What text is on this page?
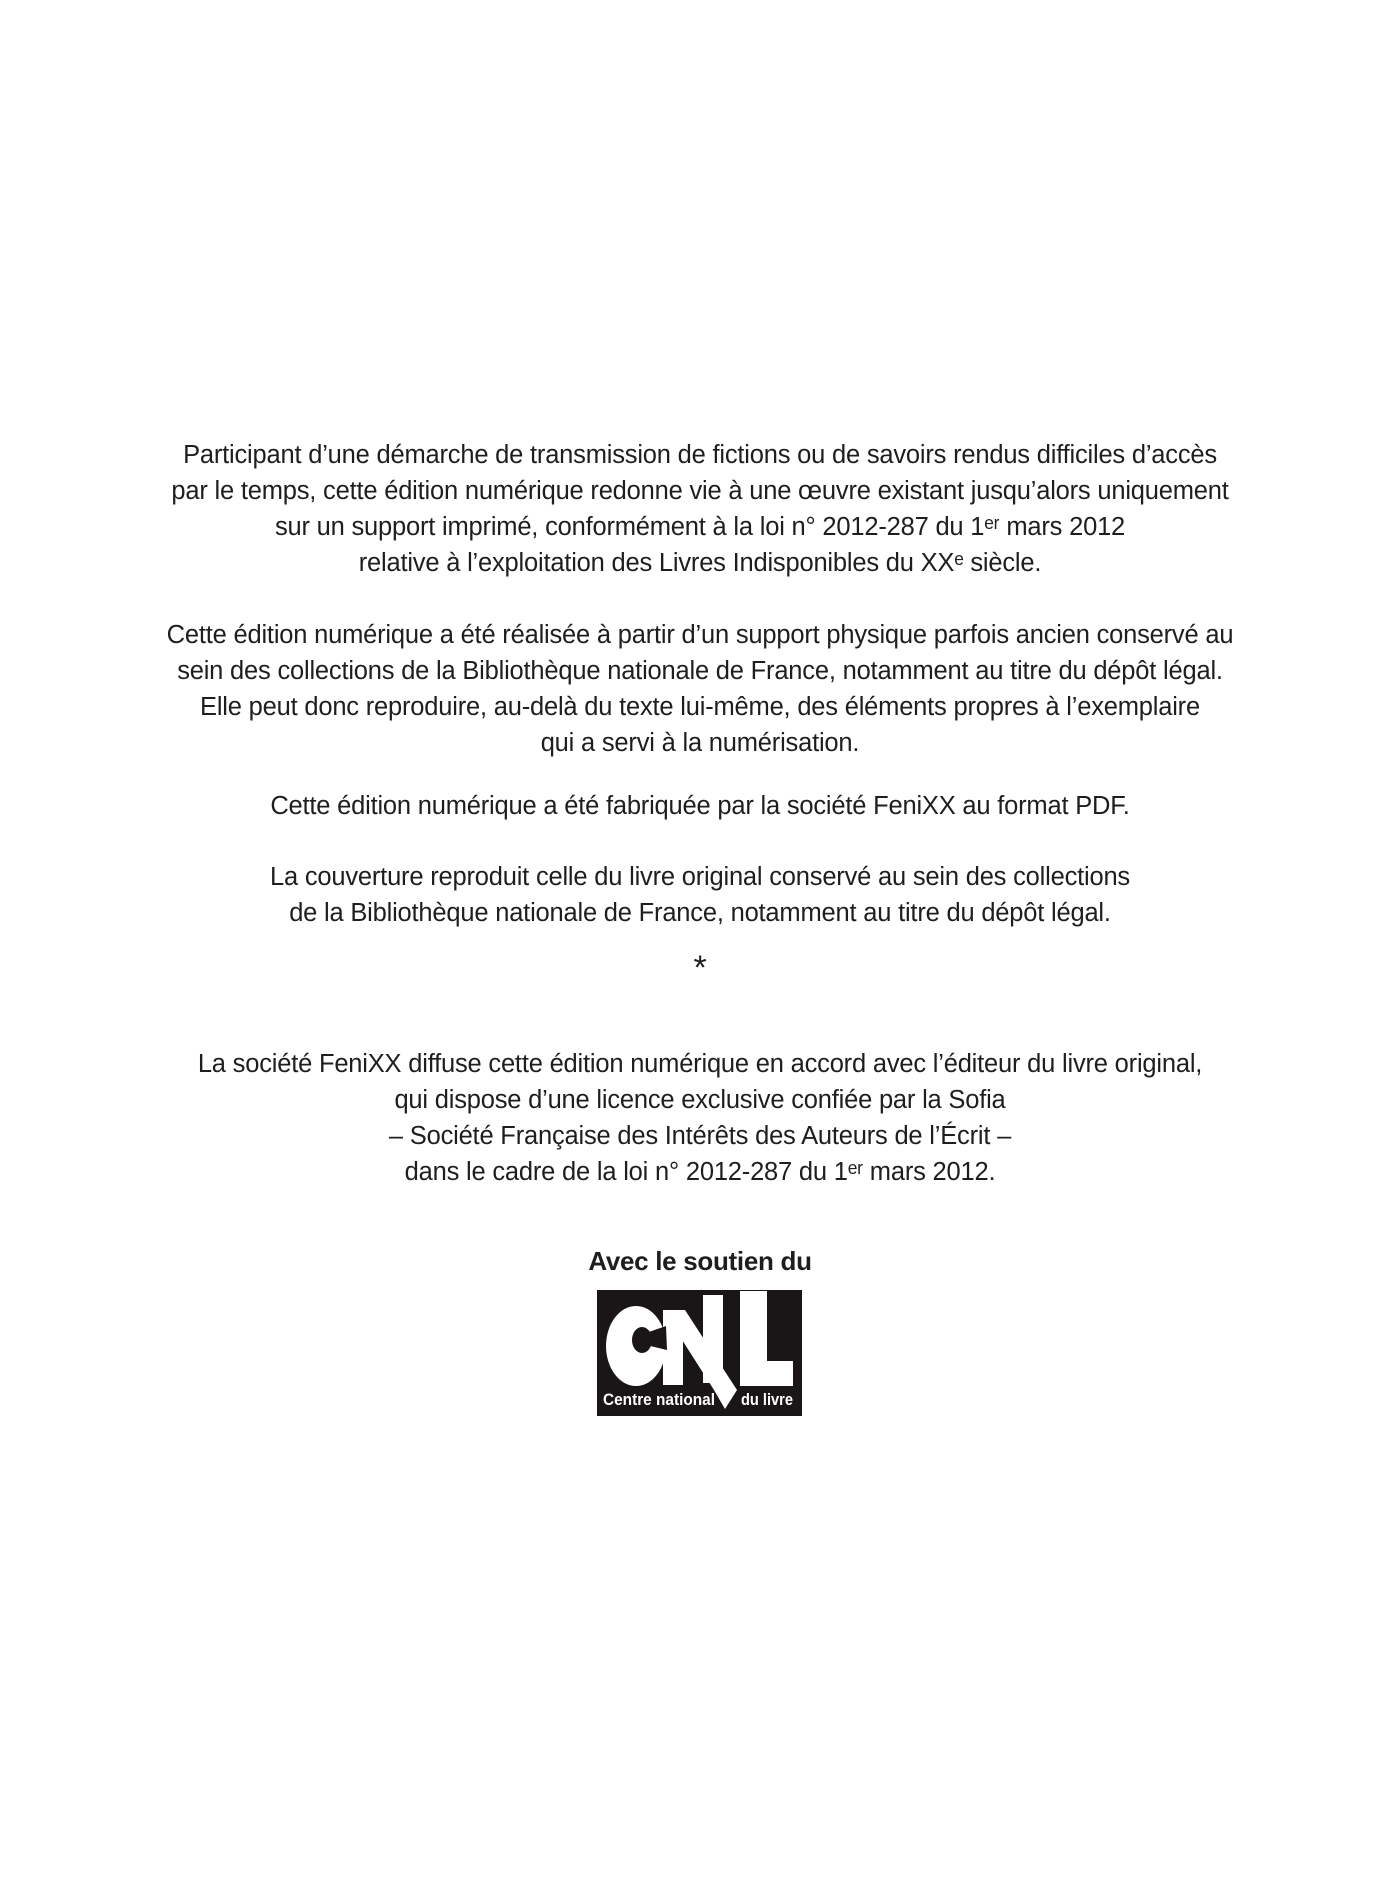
Participant d’une démarche de transmission de fictions ou de savoirs rendus difficiles d’accès
par le temps, cette édition numérique redonne vie à une œuvre existant jusqu’alors uniquement
sur un support imprimé, conformément à la loi n° 2012-287 du 1ᵉʳ mars 2012
relative à l’exploitation des Livres Indisponibles du XXᵉ siècle.
Cette édition numérique a été réalisée à partir d’un support physique parfois ancien conservé au
sein des collections de la Bibliothèque nationale de France, notamment au titre du dépôt légal.
Elle peut donc reproduire, au-delà du texte lui-même, des éléments propres à l’exemplaire
qui a servi à la numérisation.
Cette édition numérique a été fabriquée par la société FeniXX au format PDF.
La couverture reproduit celle du livre original conservé au sein des collections
de la Bibliothèque nationale de France, notamment au titre du dépôt légal.
*
La société FeniXX diffuse cette édition numérique en accord avec l’éditeur du livre original,
qui dispose d’une licence exclusive confiée par la Sofia
– Société Française des Intérêts des Auteurs de l’Écrit –
dans le cadre de la loi n° 2012-287 du 1ᵉʳ mars 2012.
Avec le soutien du
Centre national du livre
